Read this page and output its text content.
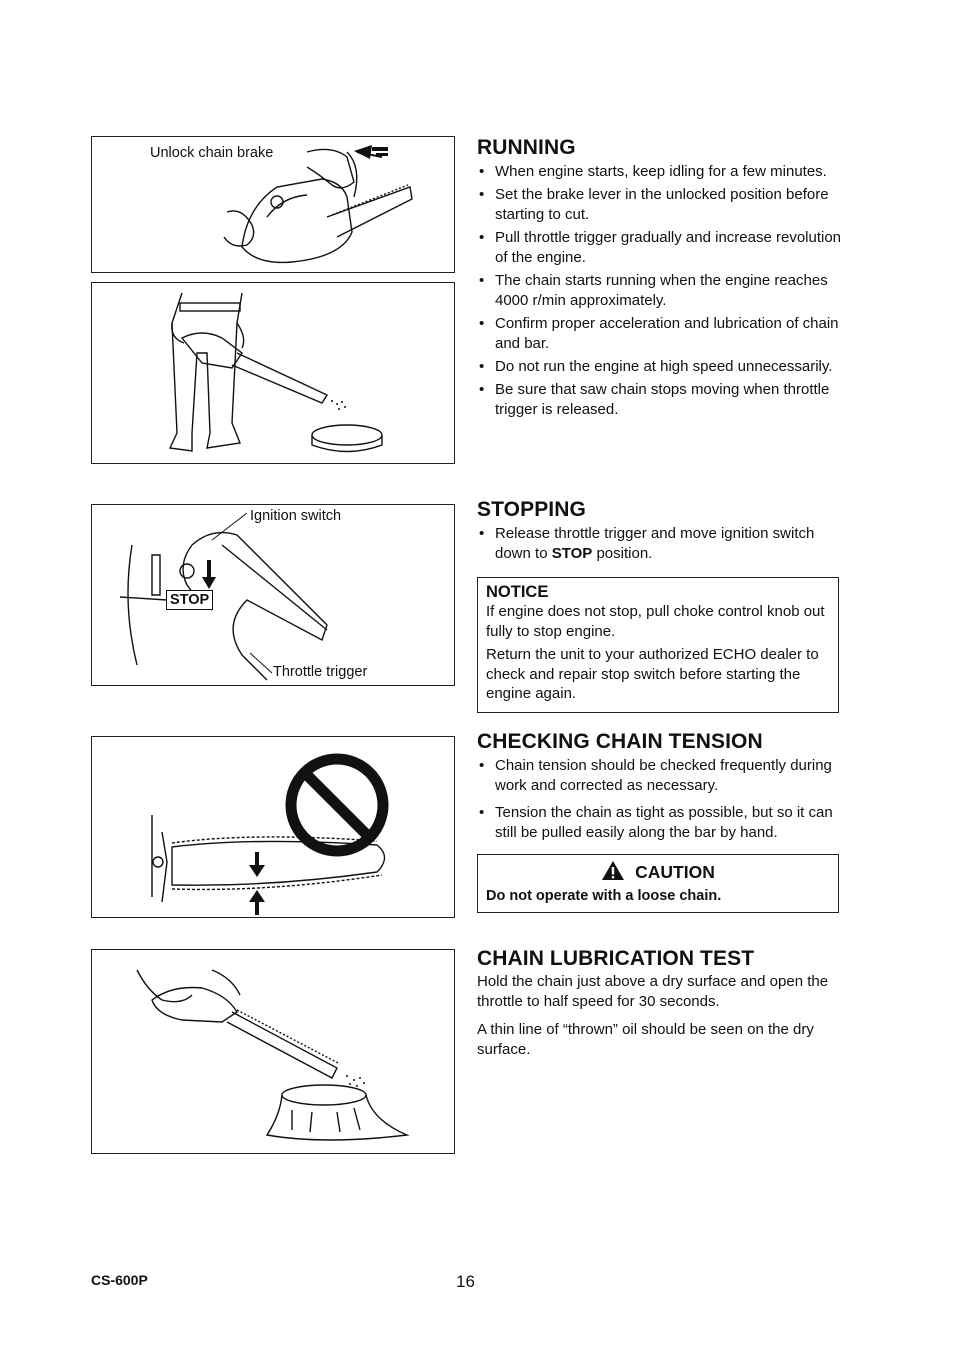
Unlock chain brake
Ignition switch
STOP
Throttle trigger
RUNNING
• When engine starts, keep idling for a few minutes.
• Set the brake lever in the unlocked position before starting to cut.
• Pull throttle trigger gradually and increase revolution of the engine.
• The chain starts running when the engine reaches 4000 r/min approximately.
• Confirm proper acceleration and lubrication of chain and bar.
• Do not run the engine at high speed unnecessarily.
• Be sure that saw chain stops moving when throttle trigger is released.
STOPPING
• Release throttle trigger and move ignition switch down to STOP position.
NOTICE

If engine does not stop, pull choke control knob out fully to stop engine.

Return the unit to your authorized ECHO dealer to check and repair stop switch before starting the engine again.

CHECKING CHAIN TENSION
• Chain tension should be checked frequently during work and corrected as necessary.
• Tension the chain as tight as possible, but so it can still be pulled easily along the bar by hand.
CAUTION
Do not operate with a loose chain.
CHAIN LUBRICATION TEST

Hold the chain just above a dry surface and open the throttle to half speed for 30 seconds.

A thin line of “thrown” oil should be seen on the dry surface.

CS-600P	16
